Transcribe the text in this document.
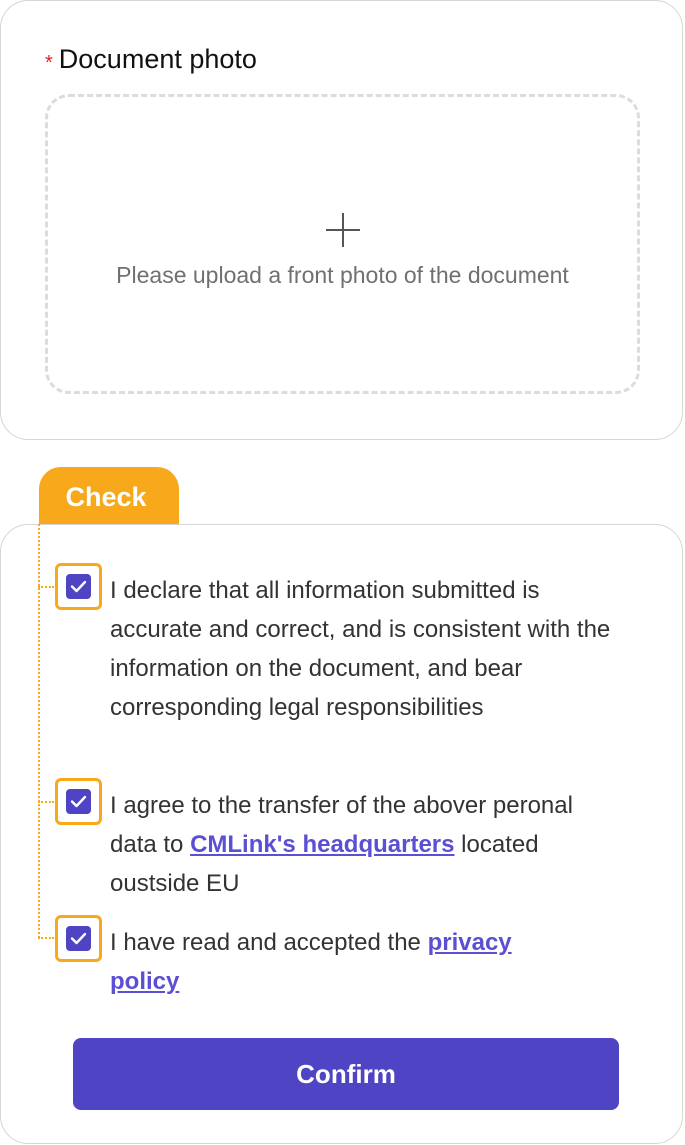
* Document photo
Please upload a front photo of the document
Check
I declare that all information submitted is accurate and correct, and is consistent with the information on the document, and bear corresponding legal responsibilities
I agree to the transfer of the abover peronal data to CMLink's headquarters located oustside EU
I have read and accepted the privacy policy
Confirm
